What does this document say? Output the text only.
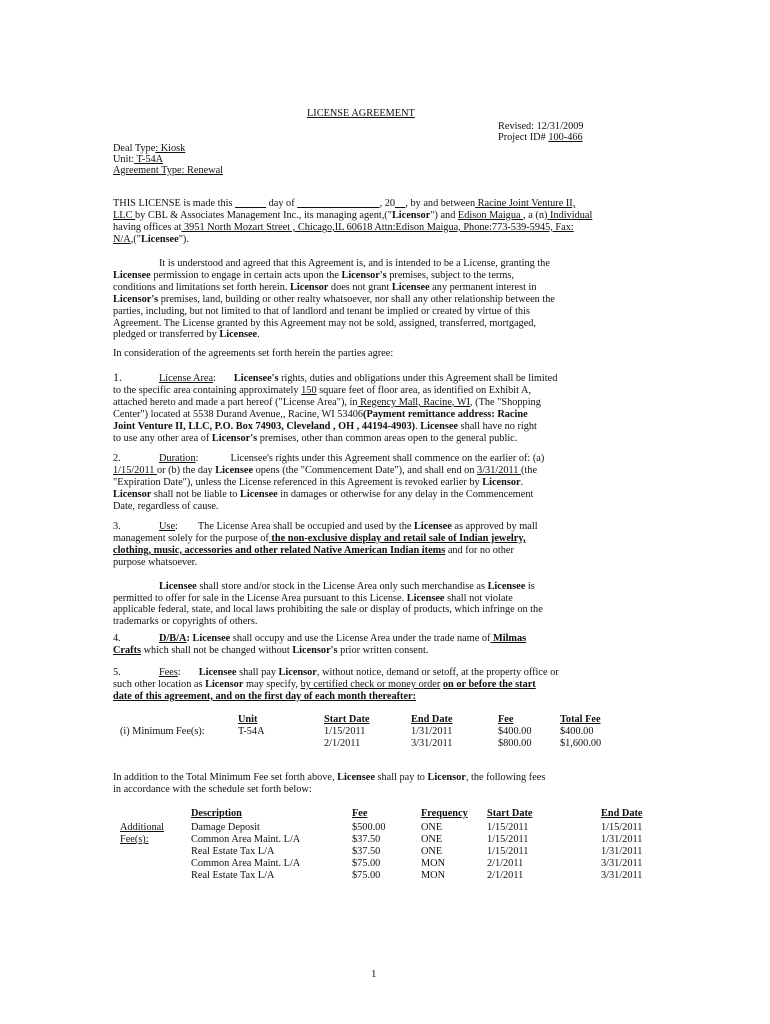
LICENSE AGREEMENT
Revised: 12/31/2009
Project ID# 100-466
Deal Type: Kiosk
Unit: T-54A
Agreement Type: Renewal

THIS LICENSE is made this ______ day of ________________, 20__, by and between Racine Joint Venture II,

LLC by CBL & Associates Management Inc., its managing agent,("Licensor") and Edison Maigua , a (n) Individual

having offices at 3951 North Mozart Street , Chicago,IL 60618 Attn:Edison Maigua, Phone:773-539-5945, Fax:

N/A,("Licensee").

It is understood and agreed that this Agreement is, and is intended to be a License, granting the

Licensee permission to engage in certain acts upon the Licensor's premises, subject to the terms,

conditions and limitations set forth herein. Licensor does not grant Licensee any permanent interest in

Licensor's premises, land, building or other realty whatsoever, nor shall any other relationship between the

parties, including, but not limited to that of landlord and tenant be implied or created by virtue of this

Agreement. The License granted by this Agreement may not be sold, assigned, transferred, mortgaged,

pledged or transferred by Licensee.

In consideration of the agreements set forth herein the parties agree:

1.	License Area: Licensee's rights, duties and obligations under this Agreement shall be limited

to the specific area containing approximately 150 square feet of floor area, as identified on Exhibit A,

attached hereto and made a part hereof ("License Area"), in Regency Mall, Racine, WI, (The "Shopping

Center") located at 5538 Durand Avenue,, Racine, WI 53406(Payment remittance address: Racine

Joint Venture II, LLC, P.O. Box 74903, Cleveland , OH , 44194-4903). Licensee shall have no right

to use any other area of Licensor's premises, other than common areas open to the general public.

2.	Duration:	Licensee's rights under this Agreement shall commence on the earlier of: (a)

1/15/2011 or (b) the day Licensee opens (the "Commencement Date"), and shall end on 3/31/2011 (the

"Expiration Date"), unless the License referenced in this Agreement is revoked earlier by Licensor.

Licensor shall not be liable to Licensee in damages or otherwise for any delay in the Commencement

Date, regardless of cause.

3.	Use: The License Area shall be occupied and used by the Licensee as approved by mall

management solely for the purpose of the non-exclusive display and retail sale of Indian jewelry,

clothing, music, accessories and other related Native American Indian items and for no other

purpose whatsoever.

Licensee shall store and/or stock in the License Area only such merchandise as Licensee is

permitted to offer for sale in the License Area pursuant to this License. Licensee shall not violate

applicable federal, state, and local laws prohibiting the sale or display of products, which infringe on the

trademarks or copyrights of others.

4.	D/B/A: Licensee shall occupy and use the License Area under the trade name of Milmas

Crafts which shall not be changed without Licensor's prior written consent.

5.	Fees: Licensee shall pay Licensor, without notice, demand or setoff, at the property office or

such other location as Licensor may specify, by certified check or money order on or before the start

date of this agreement, and on the first day of each month thereafter:

Unit	Start Date	End Date	Fee	Total Fee
(i) Minimum Fee(s):	T-54A	1/15/2011	1/31/2011	$400.00	$400.00
2/1/2011	3/31/2011	$800.00	$1,600.00

In addition to the Total Minimum Fee set forth above, Licensee shall pay to Licensor, the following fees

in accordance with the schedule set forth below:

Description	Fee	Frequency Start Date	End Date
Additional
Fee(s):
Damage Deposit	$500.00	ONE	1/15/2011	1/15/2011
Common Area Maint. L/A	$37.50	ONE	1/15/2011	1/31/2011
Real Estate Tax L/A	$37.50	ONE	1/15/2011	1/31/2011
Common Area Maint. L/A	$75.00	MON	2/1/2011	3/31/2011
Real Estate Tax L/A	$75.00	MON	2/1/2011	3/31/2011
1
